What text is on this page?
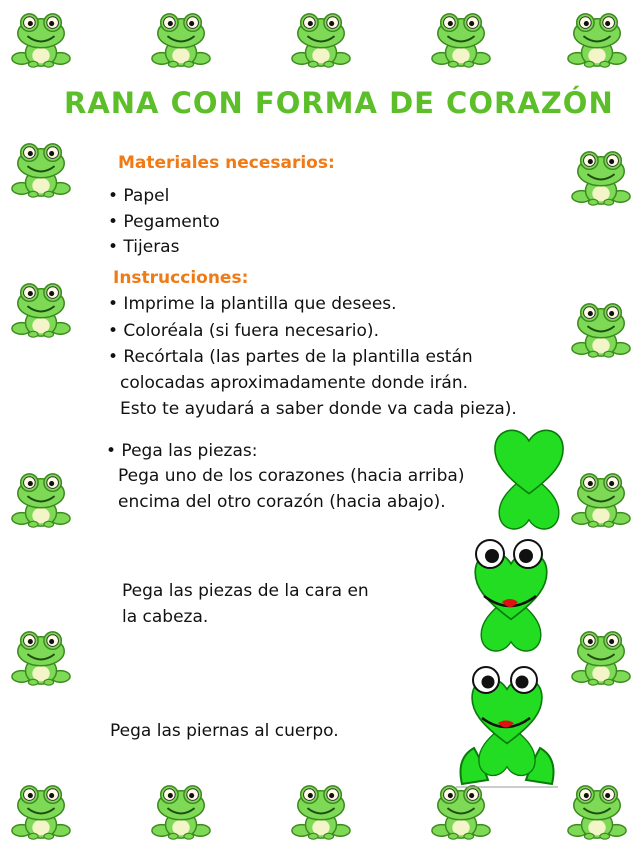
RANA CON FORMA DE CORAZÓN
Materiales necesarios:
• Papel
• Pegamento
• Tijeras
Instrucciones:
• Imprime la plantilla que desees.
• Coloréala (si fuera necesario).
• Recórtala (las partes de la plantilla están
colocadas aproximadamente donde irán.
Esto te ayudará a saber donde va cada pieza).
• Pega las piezas:
Pega uno de los corazones (hacia arriba)
encima del otro corazón (hacia abajo).
Pega las piezas de la cara en
la cabeza.
Pega las piernas al cuerpo.
